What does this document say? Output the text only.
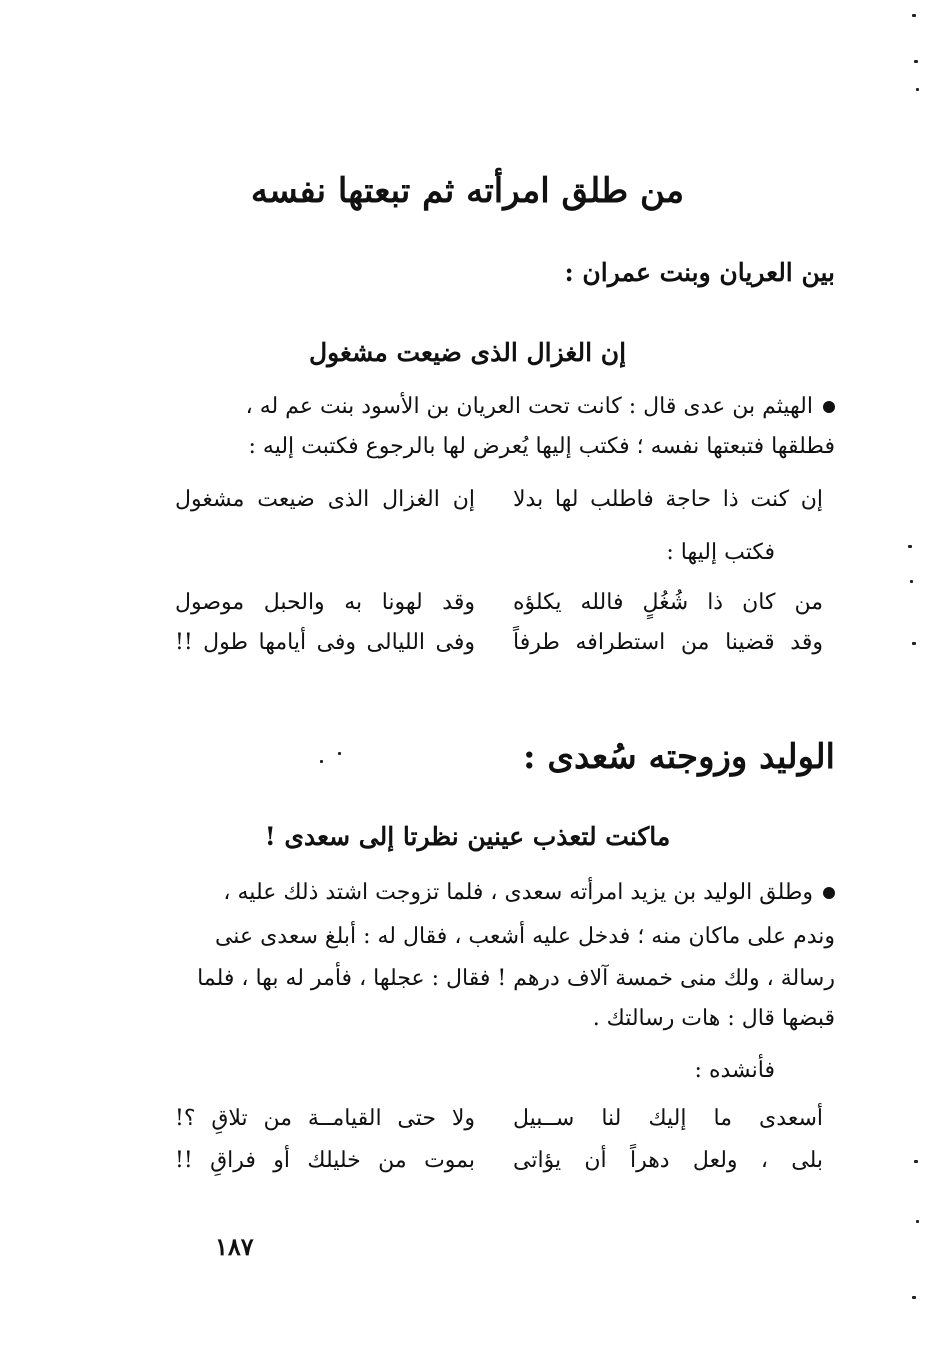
من طلق امرأته ثم تبعتها نفسه
بين العريان وبنت عمران :
إن الغزال الذى ضيعت مشغول
الهيثم بن عدى قال : كانت تحت العريان بن الأسود بنت عم له ،
فطلقها فتبعتها نفسه ؛ فكتب إليها يُعرض لها بالرجوع فكتبت إليه :
إن كنت ذا حاجة فاطلب لها بدلا
إن الغزال الذى ضيعت مشغول
فكتب إليها :
من كان ذا شُغُلٍ فالله يكلؤه
وقد لهونا به والحبل موصول
وقد قضينا من استطرافه طرفاً
وفى الليالى وفى أيامها طول !!
الوليد وزوجته سُعدى :
ماكنت لتعذب عينين نظرتا إلى سعدى !
وطلق الوليد بن يزيد امرأته سعدى ، فلما تزوجت اشتد ذلك عليه ،
وندم على ماكان منه ؛ فدخل عليه أشعب ، فقال له : أبلغ سعدى عنى
رسالة ، ولك منى خمسة آلاف درهم ! فقال : عجلها ، فأمر له بها ، فلما
قبضها قال : هات رسالتك .
فأنشده :
أسعدى ما إليك لنا ســبيل
ولا حتى القيامــة من تلاقِ ؟!
بلى ، ولعل دهراً أن يؤاتى
بموت من خليلك أو فراقِ !!
١٨٧
